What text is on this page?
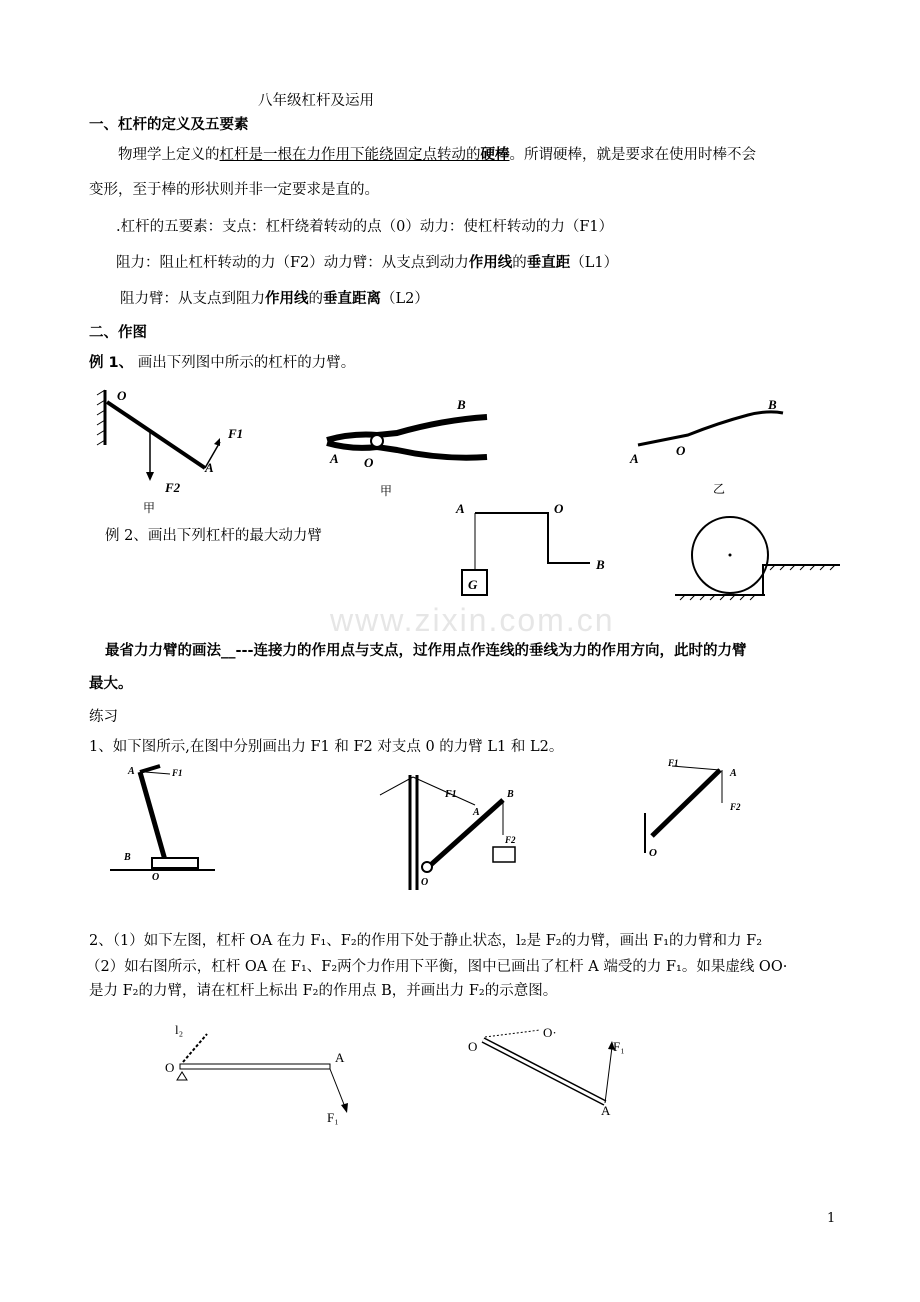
www.zixin.com.cn
八年级杠杆及运用
一、杠杆的定义及五要素
物理学上定义的杠杆是一根在力作用下能绕固定点转动的硬棒。所谓硬棒，就是要求在使用时棒不会
变形，至于棒的形状则并非一定要求是直的。
.杠杆的五要素：支点：杠杆绕着转动的点（0）动力：使杠杆转动的力（F1）
阻力：阻止杠杆转动的力（F2）动力臂：从支点到动力作用线的垂直距（L1）
阻力臂：从支点到阻力作用线的垂直距离（L2）
二、作图
例 1、 画出下列图中所示的杠杆的力臂。
O
F1
A
F2
甲
B
A O
甲
B
A
O
乙
例 2、画出下列杠杆的最大动力臂
A	O
B
G
最省力力臂的画法__---连接力的作用点与支点，过作用点作连线的垂线为力的作用方向，此时的力臂
最大。
练习
1、如下图所示,在图中分别画出力 F1 和 F2 对支点 0 的力臂 L1 和 L2。
A	F1
B
O
F1
A
B
F2
O
F1
A
F2
O
2、（1）如下左图，杠杆 OA 在力 F₁、F₂的作用下处于静止状态，l₂是 F₂的力臂，画出 F₁的力臂和力 F₂
（2）如右图所示，杠杆 OA 在 F₁、F₂两个力作用下平衡，图中已画出了杠杆 A 端受的力 F₁。如果虚线 OO·
是力 F₂的力臂，请在杠杆上标出 F₂的作用点 B，并画出力 F₂的示意图。
l₂
O
A
F₁
O
O·
F₁
A
1
